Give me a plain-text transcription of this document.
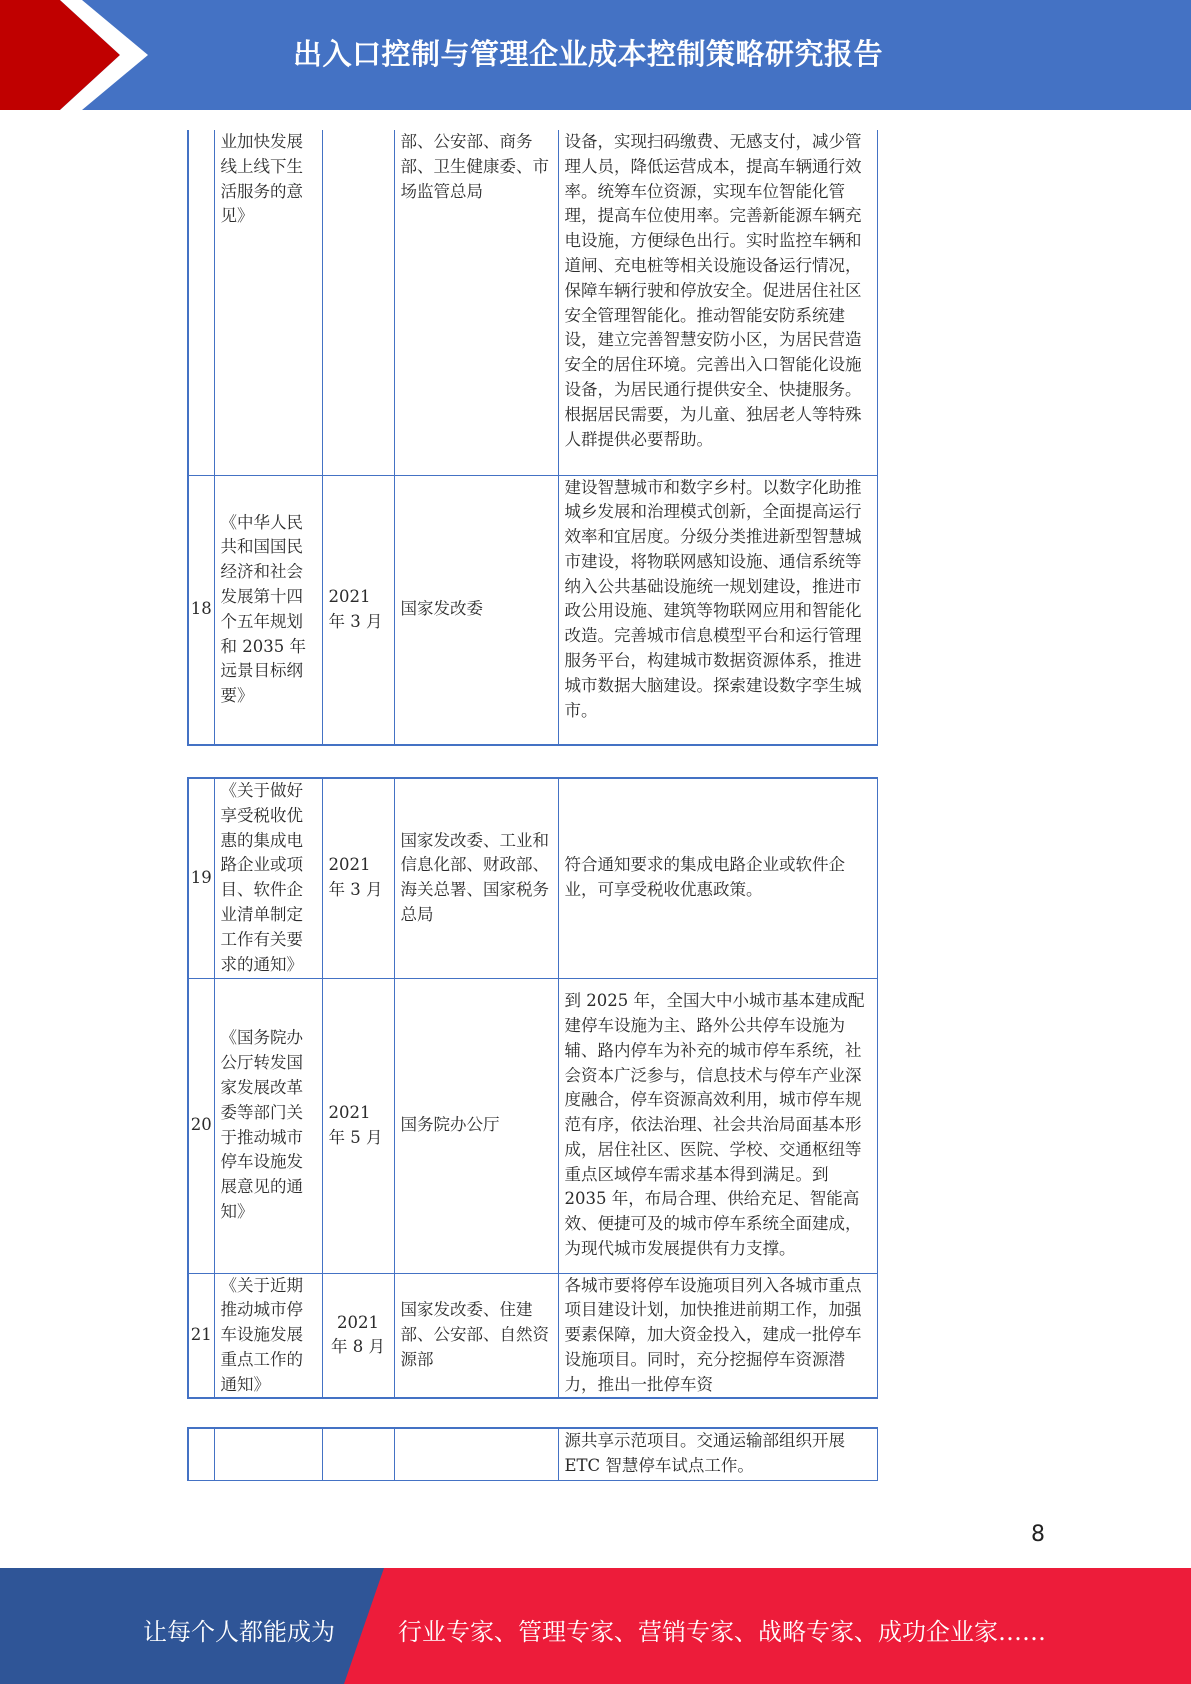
出入口控制与管理企业成本控制策略研究报告
	业加快发展线上线下生活服务的意见》		部、公安部、商务部、卫生健康委、市场监管总局	设备，实现扫码缴费、无感支付，减少管理人员，降低运营成本，提高车辆通行效率。统筹车位资源，实现车位智能化管理，提高车位使用率。完善新能源车辆充电设施，方便绿色出行。实时监控车辆和道闸、充电桩等相关设施设备运行情况，保障车辆行驶和停放安全。促进居住社区安全管理智能化。推动智能安防系统建设，建立完善智慧安防小区，为居民营造安全的居住环境。完善出入口智能化设施设备，为居民通行提供安全、快捷服务。根据居民需要，为儿童、独居老人等特殊人群提供必要帮助。
18	《中华人民共和国国民经济和社会发展第十四个五年规划和 2035 年远景目标纲要》	2021 年 3 月	国家发改委	建设智慧城市和数字乡村。以数字化助推城乡发展和治理模式创新，全面提高运行效率和宜居度。分级分类推进新型智慧城市建设，将物联网感知设施、通信系统等纳入公共基础设施统一规划建设，推进市政公用设施、建筑等物联网应用和智能化改造。完善城市信息模型平台和运行管理服务平台，构建城市数据资源体系，推进城市数据大脑建设。探索建设数字孪生城市。
19	《关于做好享受税收优惠的集成电路企业或项目、软件企业清单制定工作有关要求的通知》	2021 年 3 月	国家发改委、工业和信息化部、财政部、海关总署、国家税务总局	符合通知要求的集成电路企业或软件企业，可享受税收优惠政策。
20	《国务院办公厅转发国家发展改革委等部门关于推动城市停车设施发展意见的通知》	2021 年 5 月	国务院办公厅	到 2025 年，全国大中小城市基本建成配建停车设施为主、路外公共停车设施为辅、路内停车为补充的城市停车系统，社会资本广泛参与，信息技术与停车产业深度融合，停车资源高效利用，城市停车规范有序，依法治理、社会共治局面基本形成，居住社区、医院、学校、交通枢纽等重点区域停车需求基本得到满足。到 2035 年，布局合理、供给充足、智能高效、便捷可及的城市停车系统全面建成，为现代城市发展提供有力支撑。
21	《关于近期推动城市停车设施发展重点工作的通知》	2021 年 8 月	国家发改委、住建部、公安部、自然资源部	各城市要将停车设施项目列入各城市重点项目建设计划，加快推进前期工作，加强要素保障，加大资金投入，建成一批停车设施项目。同时，充分挖掘停车资源潜力，推出一批停车资
				源共享示范项目。交通运输部组织开展 ETC 智慧停车试点工作。
8
让每个人都能成为	行业专家、管理专家、营销专家、战略专家、成功企业家……
